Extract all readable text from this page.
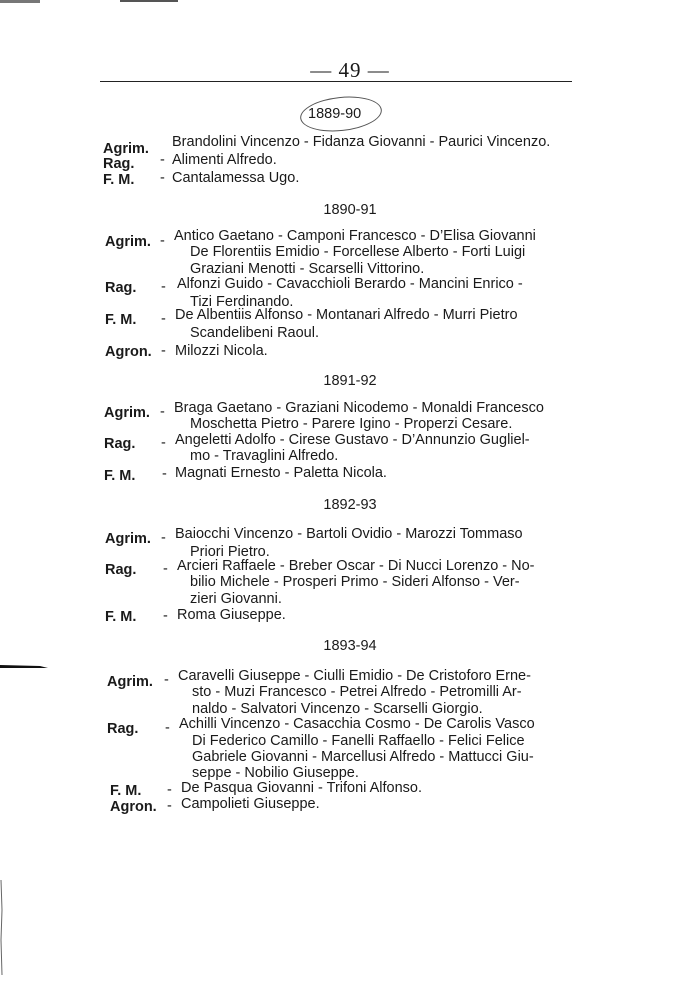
— 49 —
1889-90
Agrim. Brandolini Vincenzo - Fidanza Giovanni - Paurici Vincenzo.
Rag. - Alimenti Alfredo.
F. M. - Cantalamessa Ugo.
1890-91
Agrim. - Antico Gaetano - Camponi Francesco - D’Elisa Giovanni
De Florentiis Emidio - Forcellese Alberto - Forti Luigi
Graziani Menotti - Scarselli Vittorino.
Rag. - Alfonzi Guido - Cavacchioli Berardo - Mancini Enrico -
Tizi Ferdinando.
F. M. - De Albentiis Alfonso - Montanari Alfredo - Murri Pietro
Scandelibeni Raoul.
Agron. - Milozzi Nicola.
1891-92
Agrim. - Braga Gaetano - Graziani Nicodemo - Monaldi Francesco
Moschetta Pietro - Parere Igino - Properzi Cesare.
Rag. - Angeletti Adolfo - Cirese Gustavo - D’Annunzio Gugliel-
mo - Travaglini Alfredo.
F. M. - Magnati Ernesto - Paletta Nicola.
1892-93
Agrim. - Baiocchi Vincenzo - Bartoli Ovidio - Marozzi Tommaso
Priori Pietro.
Rag. - Arcieri Raffaele - Breber Oscar - Di Nucci Lorenzo - No-
bilio Michele - Prosperi Primo - Sideri Alfonso - Ver-
zieri Giovanni.
F. M. - Roma Giuseppe.
1893-94
Agrim. - Caravelli Giuseppe - Ciulli Emidio - De Cristoforo Erne-
sto - Muzi Francesco - Petrei Alfredo - Petromilli Ar-
naldo - Salvatori Vincenzo - Scarselli Giorgio.
Rag. - Achilli Vincenzo - Casacchia Cosmo - De Carolis Vasco
Di Federico Camillo - Fanelli Raffaello - Felici Felice
Gabriele Giovanni - Marcellusi Alfredo - Mattucci Giu-
seppe - Nobilio Giuseppe.
F. M. - De Pasqua Giovanni - Trifoni Alfonso.
Agron. - Campolieti Giuseppe.
